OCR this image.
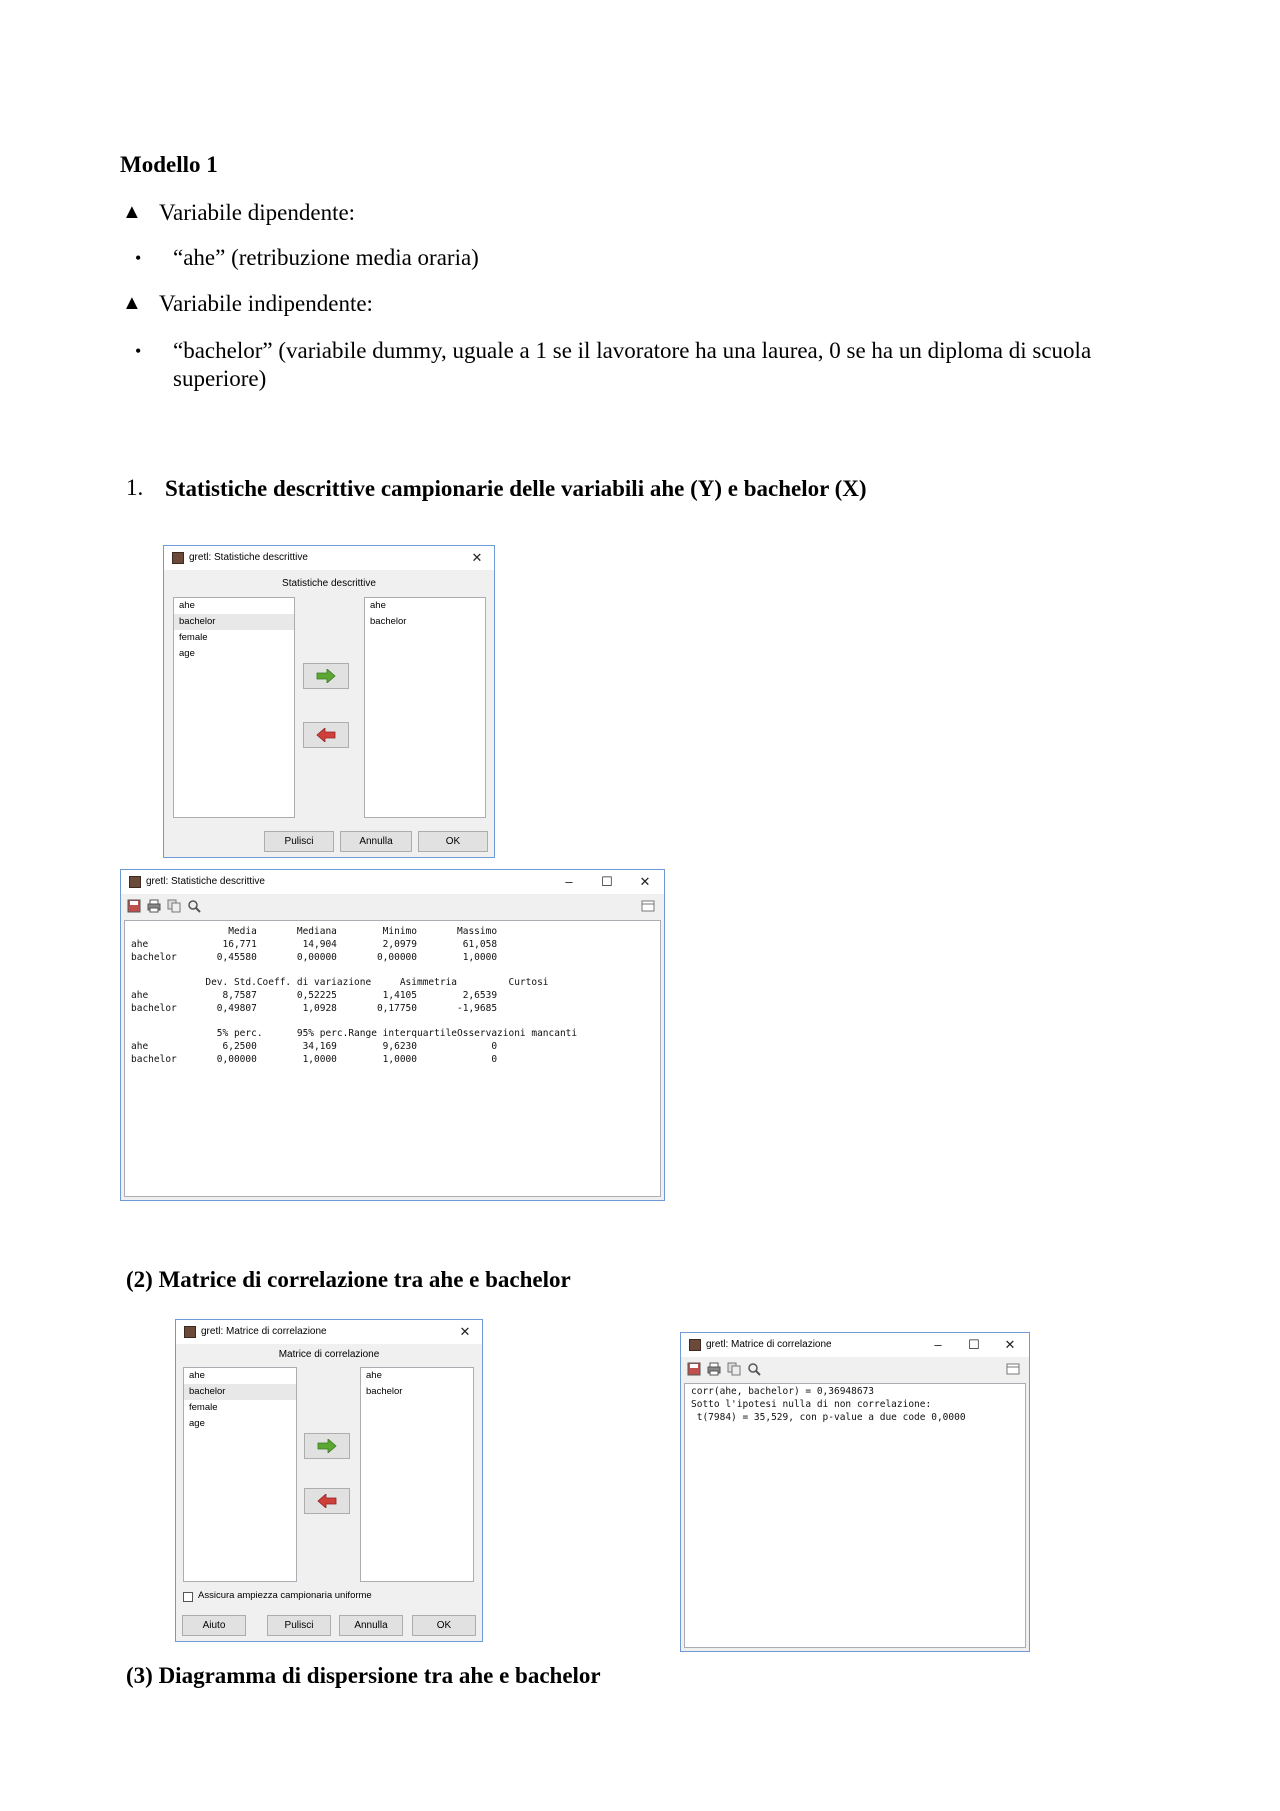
Modello 1
▲ Variabile dipendente:
• “ahe” (retribuzione media oraria)
▲ Variabile indipendente:
• “bachelor” (variabile dummy, uguale a 1 se il lavoratore ha una laurea, 0 se ha un diploma di scuola
superiore)
1. Statistiche descrittive campionarie delle variabili ahe (Y) e bachelor (X)
gretl: Statistiche descrittive	✕
Statistiche descrittive
ahe
bachelor
female
age
ahe
bachelor
Pulisci	Annulla	OK
gretl: Statistiche descrittive	–	☐	✕
Media       Mediana        Minimo       Massimo
ahe             16,771        14,904        2,0979        61,058
bachelor       0,45580       0,00000       0,00000        1,0000

Dev. Std.Coeff. di variazione     Asimmetria         Curtosi
ahe             8,7587       0,52225        1,4105        2,6539
bachelor       0,49807        1,0928       0,17750       -1,9685

5% perc.      95% perc.Range interquartileOsservazioni mancanti
ahe             6,2500        34,169        9,6230             0
bachelor       0,00000        1,0000        1,0000             0
(2) Matrice di correlazione tra ahe e bachelor
gretl: Matrice di correlazione	✕
Matrice di correlazione
ahe
bachelor
female
age
ahe
bachelor
Assicura ampiezza campionaria uniforme
Aiuto	Pulisci	Annulla	OK
gretl: Matrice di correlazione	–	☐	✕
corr(ahe, bachelor) = 0,36948673
Sotto l'ipotesi nulla di non correlazione:
t(7984) = 35,529, con p-value a due code 0,0000
(3) Diagramma di dispersione tra ahe e bachelor
